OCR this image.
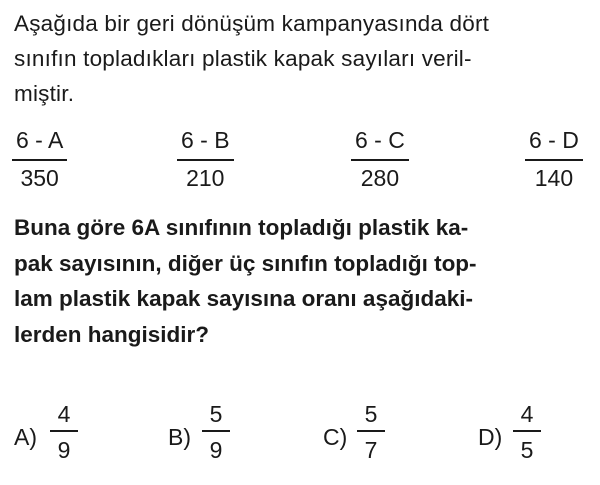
Aşağıda bir geri dönüşüm kampanyasında dört
sınıfın topladıkları plastik kapak sayıları veril-
miştir.
6 - A
350
6 - B
210
6 - C
280
6 - D
140
Buna göre 6A sınıfının topladığı plastik ka-
pak sayısının, diğer üç sınıfın topladığı top-
lam plastik kapak sayısına oranı aşağıdaki-
lerden hangisidir?
$A) \frac{4}{9}$	$B) \frac{5}{9}$	$C) \frac{5}{7}$	$D) \frac{4}{5}$
